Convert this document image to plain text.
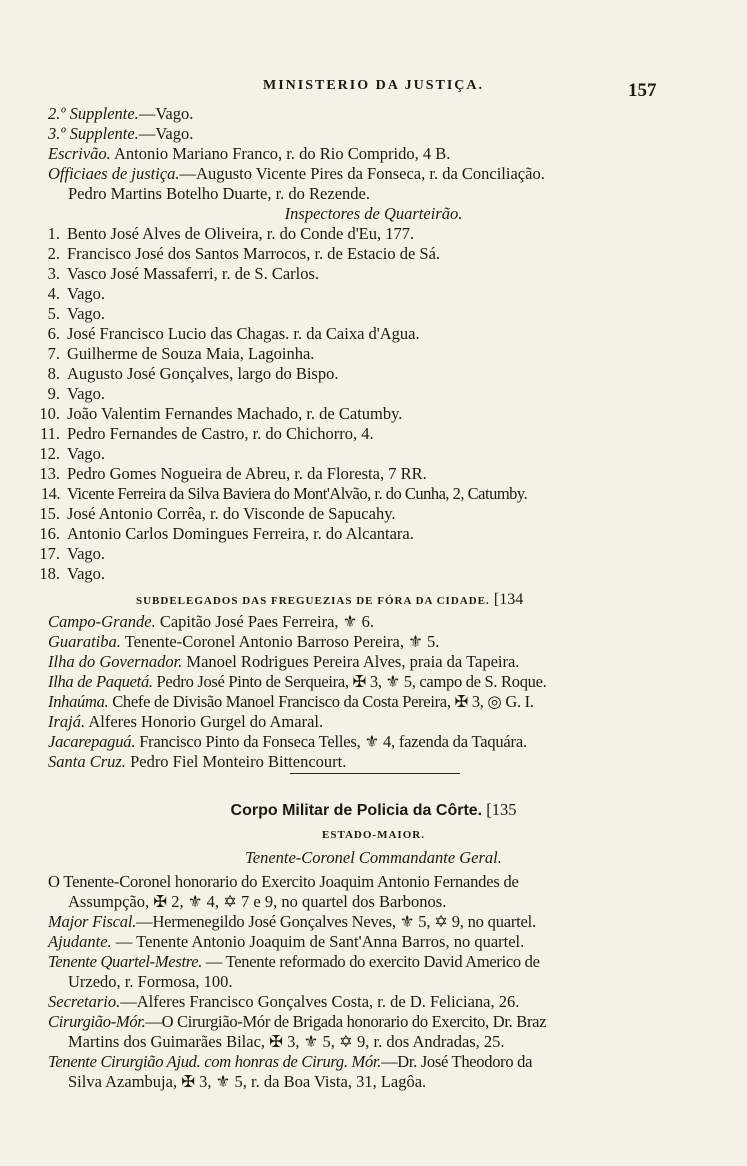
MINISTERIO DA JUSTIÇA.	157
2.º Supplente.—Vago.
3.º Supplente.—Vago.
Escrivão. Antonio Mariano Franco, r. do Rio Comprido, 4 B.
Officiaes de justiça.—Augusto Vicente Pires da Fonseca, r. da Conciliação.
Pedro Martins Botelho Duarte, r. do Rezende.
Inspectores de Quarteirão.
1. Bento José Alves de Oliveira, r. do Conde d'Eu, 177.
2. Francisco José dos Santos Marrocos, r. de Estacio de Sá.
3. Vasco José Massaferri, r. de S. Carlos.
4. Vago.
5. Vago.
6. José Francisco Lucio das Chagas. r. da Caixa d'Agua.
7. Guilherme de Souza Maia, Lagoinha.
8. Augusto José Gonçalves, largo do Bispo.
9. Vago.
10. João Valentim Fernandes Machado, r. de Catumby.
11. Pedro Fernandes de Castro, r. do Chichorro, 4.
12. Vago.
13. Pedro Gomes Nogueira de Abreu, r. da Floresta, 7 RR.
14. Vicente Ferreira da Silva Baviera do Mont'Alvão, r. do Cunha, 2, Catumby.
15. José Antonio Corrêa, r. do Visconde de Sapucahy.
16. Antonio Carlos Domingues Ferreira, r. do Alcantara.
17. Vago.
18. Vago.
SUBDELEGADOS DAS FREGUEZIAS DE FÓRA DA CIDADE. [134
Campo-Grande. Capitão José Paes Ferreira, ⚜ 6.
Guaratiba. Tenente-Coronel Antonio Barroso Pereira, ⚜ 5.
Ilha do Governador. Manoel Rodrigues Pereira Alves, praia da Tapeira.
Ilha de Paquetá. Pedro José Pinto de Serqueira, ✠ 3, ⚜ 5, campo de S. Roque.
Inhaúma. Chefe de Divisão Manoel Francisco da Costa Pereira, ✠ 3, ◎ G. I.
Irajá. Alferes Honorio Gurgel do Amaral.
Jacarepaguá. Francisco Pinto da Fonseca Telles, ⚜ 4, fazenda da Taquára.
Santa Cruz. Pedro Fiel Monteiro Bittencourt.
Corpo Militar de Policia da Côrte. [135
ESTADO-MAIOR.
Tenente-Coronel Commandante Geral.
O Tenente-Coronel honorario do Exercito Joaquim Antonio Fernandes de
Assumpção, ✠ 2, ⚜ 4, ✡ 7 e 9, no quartel dos Barbonos.
Major Fiscal.—Hermenegildo José Gonçalves Neves, ⚜ 5, ✡ 9, no quartel.
Ajudante. — Tenente Antonio Joaquim de Sant'Anna Barros, no quartel.
Tenente Quartel-Mestre. — Tenente reformado do exercito David Americo de
Urzedo, r. Formosa, 100.
Secretario.—Alferes Francisco Gonçalves Costa, r. de D. Feliciana, 26.
Cirurgião-Mór.—O Cirurgião-Mór de Brigada honorario do Exercito, Dr. Braz
Martins dos Guimarães Bilac, ✠ 3, ⚜ 5, ✡ 9, r. dos Andradas, 25.
Tenente Cirurgião Ajud. com honras de Cirurg. Mór.—Dr. José Theodoro da
Silva Azambuja, ✠ 3, ⚜ 5, r. da Boa Vista, 31, Lagôa.
